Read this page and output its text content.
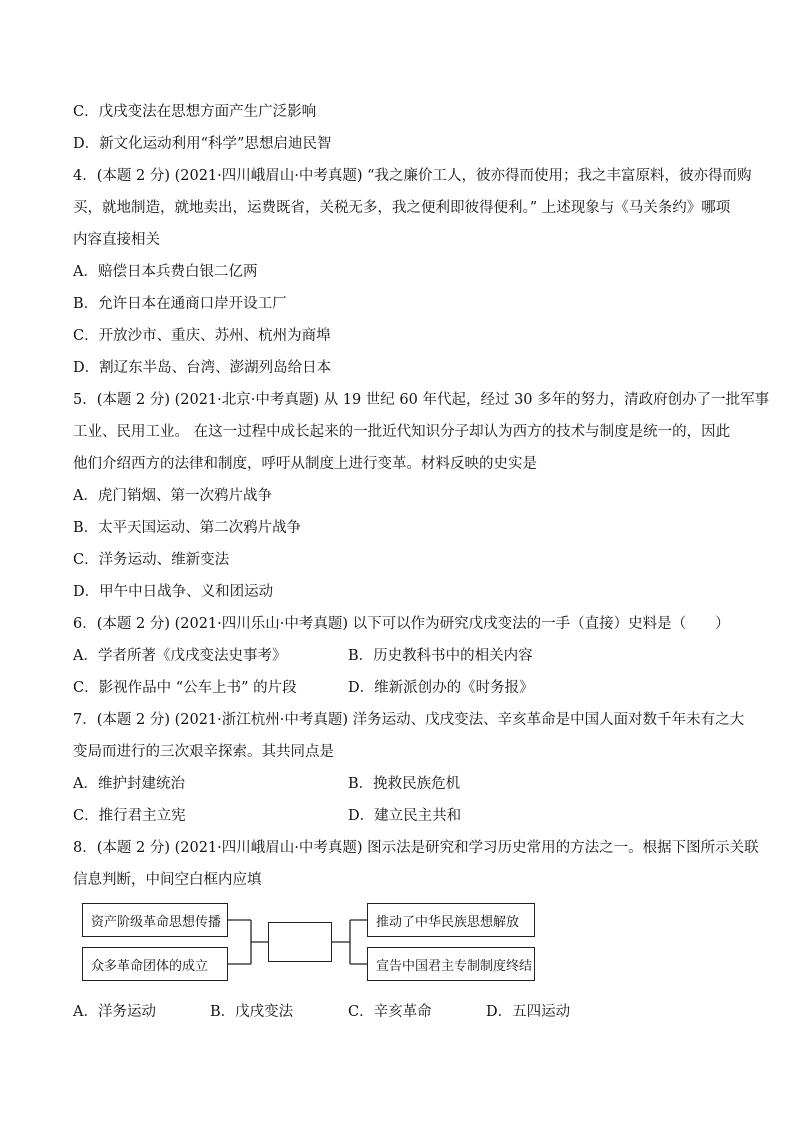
C．戊戌变法在思想方面产生广泛影响
D．新文化运动利用“科学”思想启迪民智
4．(本题 2 分) (2021·四川峨眉山·中考真题) “我之廉价工人，彼亦得而使用；我之丰富原料，彼亦得而购
买，就地制造，就地卖出，运费既省，关税无多，我之便利即彼得便利。” 上述现象与《马关条约》哪项
内容直接相关
A．赔偿日本兵费白银二亿两
B．允许日本在通商口岸开设工厂
C．开放沙市、重庆、苏州、杭州为商埠
D．割辽东半岛、台湾、澎湖列岛给日本
5．(本题 2 分) (2021·北京·中考真题) 从 19 世纪 60 年代起，经过 30 多年的努力，清政府创办了一批军事
工业、民用工业。 在这一过程中成长起来的一批近代知识分子却认为西方的技术与制度是统一的，因此
他们介绍西方的法律和制度，呼吁从制度上进行变革。材料反映的史实是
A．虎门销烟、第一次鸦片战争
B．太平天国运动、第二次鸦片战争
C．洋务运动、维新变法
D．甲午中日战争、义和团运动
6．(本题 2 分) (2021·四川乐山·中考真题) 以下可以作为研究戊戌变法的一手（直接）史料是（　　）
A．学者所著《戊戌变法史事考》	B．历史教科书中的相关内容
C．影视作品中 “公车上书” 的片段	D．维新派创办的《时务报》
7．(本题 2 分) (2021·浙江杭州·中考真题) 洋务运动、戊戌变法、辛亥革命是中国人面对数千年未有之大
变局而进行的三次艰辛探索。其共同点是
A．维护封建统治	B．挽救民族危机
C．推行君主立宪	D．建立民主共和
8．(本题 2 分) (2021·四川峨眉山·中考真题) 图示法是研究和学习历史常用的方法之一。根据下图所示关联
信息判断，中间空白框内应填
资产阶级革命思想传播
众多革命团体的成立
推动了中华民族思想解放
宣告中国君主专制制度终结
A．洋务运动	B．戊戌变法	C．辛亥革命	D．五四运动
